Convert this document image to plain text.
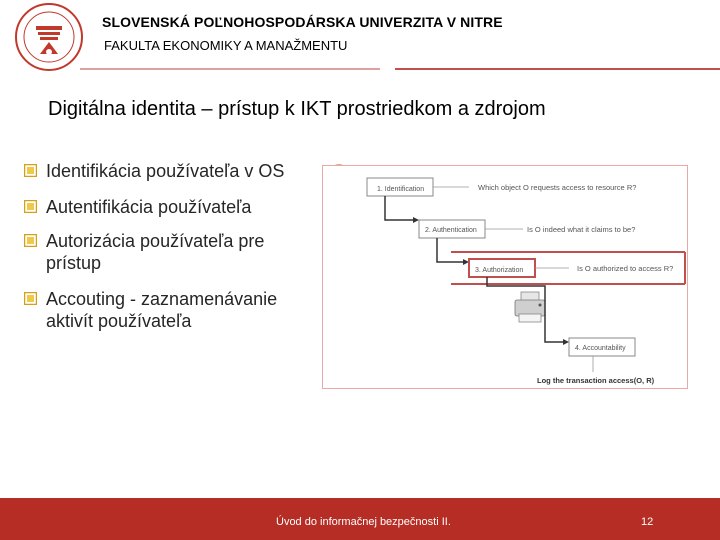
SLOVENSKÁ POĽNOHOSPODÁRSKA UNIVERZITA V NITRE
FAKULTA EKONOMIKY A MANAŽMENTU
Digitálna identita – prístup k IKT prostriedkom a zdrojom
Identifikácia používateľa v OS
Autentifikácia používateľa
Autorizácia používateľa pre prístup
Accouting - zaznamenávanie aktivít používateľa
1. Identification	Which object O requests access to resource R?
2. Authentication	Is O indeed what it claims to be?
3. Authorization	Is O authorized to access R?
4. Accountability
Log the transaction access(O, R)
Úvod do informačnej bezpečnosti II.	12
